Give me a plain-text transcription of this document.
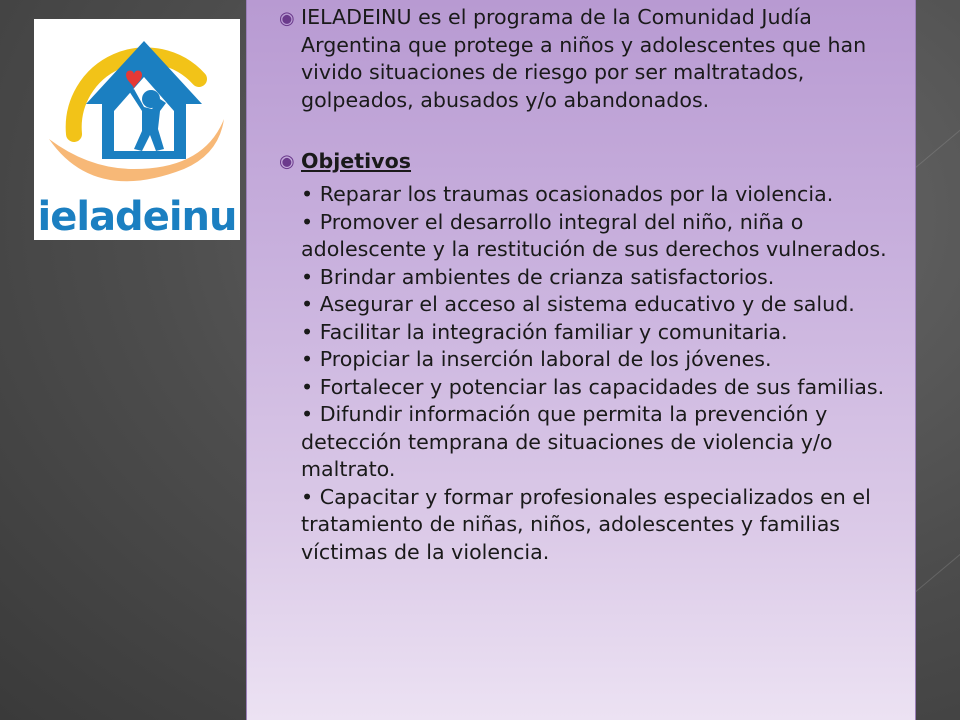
ieladeinu
◉ IELADEINU es el programa de la Comunidad Judía Argentina que protege a niños y adolescentes que han vivido situaciones de riesgo por ser maltratados, golpeados, abusados y/o abandonados.

◉ Objetivos

• Reparar los traumas ocasionados por la violencia.

• Promover el desarrollo integral del niño, niña o adolescente y la restitución de sus derechos vulnerados.

• Brindar ambientes de crianza satisfactorios.

• Asegurar el acceso al sistema educativo y de salud.

• Facilitar la integración familiar y comunitaria.

• Propiciar la inserción laboral de los jóvenes.

• Fortalecer y potenciar las capacidades de sus familias.

• Difundir información que permita la prevención y detección temprana de situaciones de violencia y/o maltrato.

• Capacitar y formar profesionales especializados en el tratamiento de niñas, niños, adolescentes y familias víctimas de la violencia.
